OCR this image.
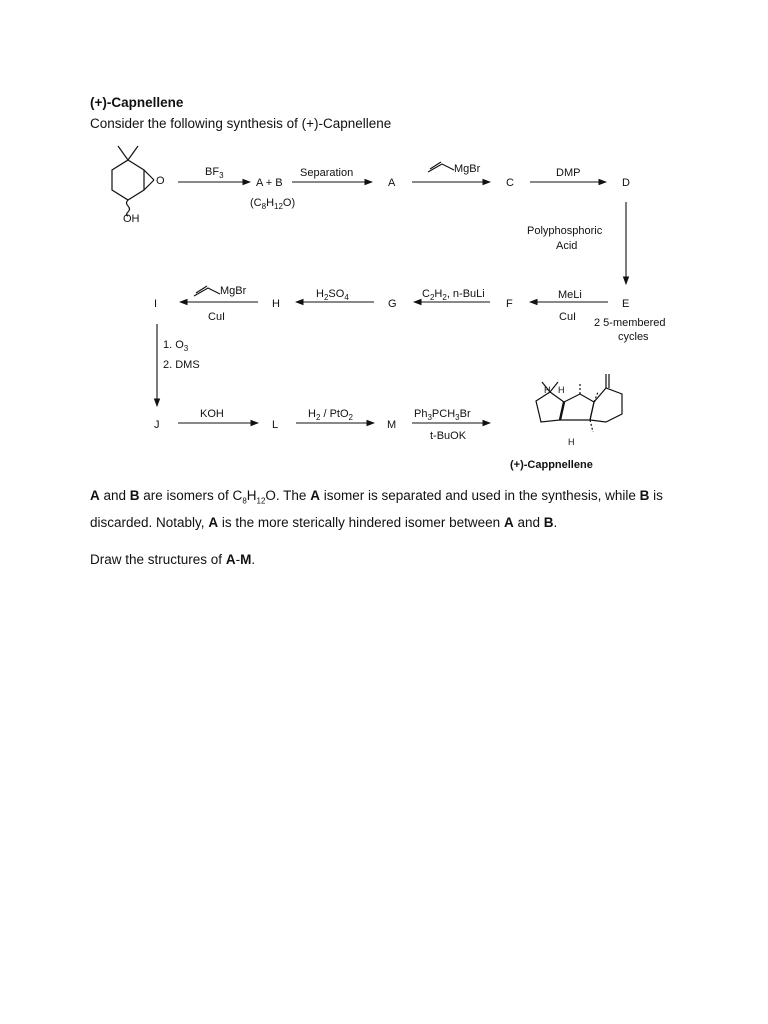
(+)-Capnellene
Consider the following synthesis of (+)-Capnellene
O
OH
$BF_3$
A + B
$(C_8H_{12}O)$
Separation
A
MgBr
C
DMP
D
Polyphosphoric
Acid
E
2 5-membered
cycles
MeLi
CuI
F
$C_2H_2$, n-BuLi
G
$H_2SO_4$
H
MgBr
CuI
I
1. $O_3$
2. DMS
J
KOH
L
$H_2 / PtO_2$
M
$Ph_3PCH_3Br$
t-BuOK
H H
H
(+)-Cappnellene
A and B are isomers of $C_8H_{12}O$. The A isomer is separated and used in the synthesis, while B is discarded. Notably, A is the more sterically hindered isomer between A and B.
Draw the structures of A-M.
